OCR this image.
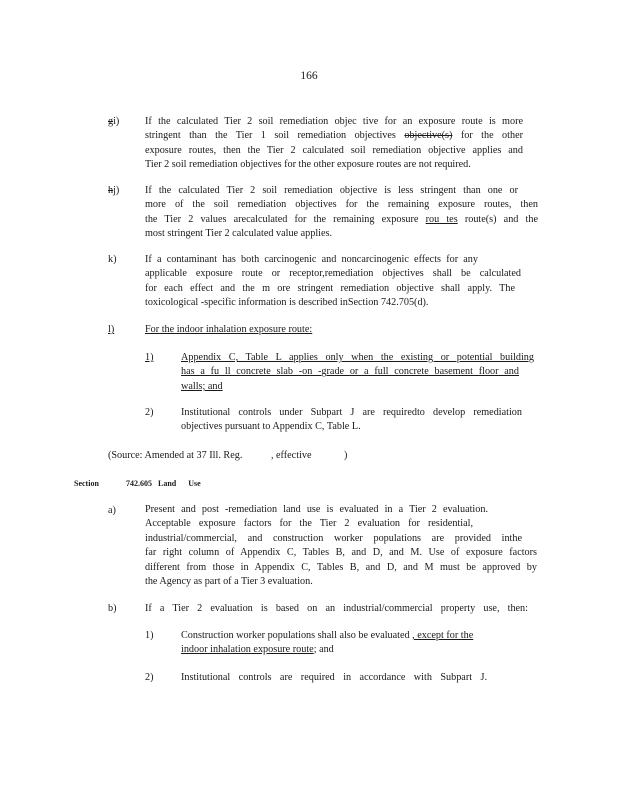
166
gi)	If the calculated Tier 2 soil remediation objec tive for an exposure route is more
stringent than the Tier 1 soil remediation objectives objective(s) for the other
exposure routes, then the Tier 2 calculated soil remediation objective applies and
Tier 2 soil remediation objectives for the other exposure routes are not required.
hj)	If the calculated Tier 2 soil remediation objective is less stringent than one or
more of the soil remediation objectives for the remaining exposure routes, then
the Tier 2 values arecalculated for the remaining exposure rou tes route(s) and the
most stringent Tier 2 calculated value applies.
k)	If a contaminant has both carcinogenic and noncarcinogenic effects for any
applicable exposure route or receptor,remediation objectives shall be calculated
for each effect and the m ore stringent remediation objective shall apply. The
toxicological -specific information is described inSection 742.705(d).
l)	For the indoor inhalation exposure route:
1)	Appendix C, Table L applies only when the existing or potential building
has a fu ll concrete slab -on -grade or a full concrete basement floor and
walls; and
2)	Institutional controls under Subpart J are requiredto develop remediation
objectives pursuant to Appendix C, Table L.
(Source: Amended at 37 Ill. Reg.	, effective	)
Section	742.605 Land Use
a)	Present and post -remediation land use is evaluated in a Tier 2 evaluation.
Acceptable exposure factors for the Tier 2 evaluation for residential,
industrial/commercial, and construction worker populations are provided inthe
far right column of Appendix C, Tables B, and D, and M. Use of exposure factors
different from those in Appendix C, Tables B, and D, and M must be approved by
the Agency as part of a Tier 3 evaluation.
b)	If a Tier 2 evaluation is based on an industrial/commercial property use, then:
1)	Construction worker populations shall also be evaluated , except for the
indoor inhalation exposure route; and
2)	Institutional controls are required in accordance with Subpart J.
